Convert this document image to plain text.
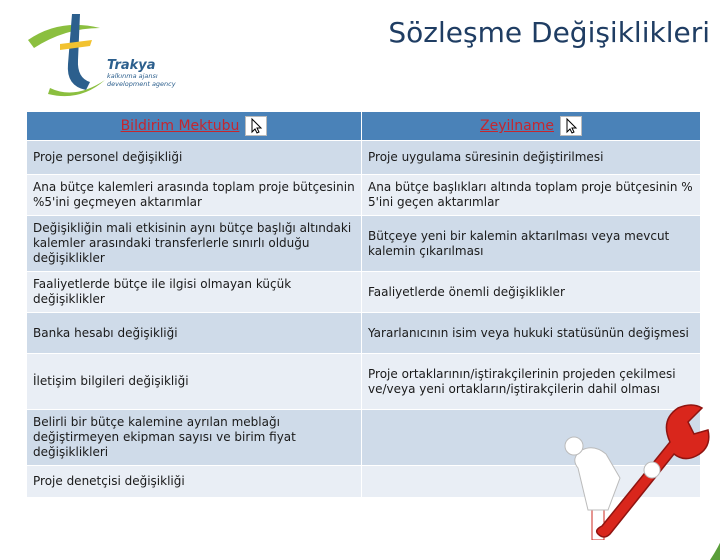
Trakya
kalkınma ajansı development agency
Sözleşme Değişiklikleri
Bildirim Mektubu	Zeyilname

Proje personel değişikliği	Proje uygulama süresinin değiştirilmesi
Ana bütçe kalemleri arasında toplam proje bütçesinin %5'ini geçmeyen aktarımlar	Ana bütçe başlıkları altında toplam proje bütçesinin % 5'ini geçen aktarımlar
Değişikliğin mali etkisinin aynı bütçe başlığı altındaki kalemler arasındaki transferlerle sınırlı olduğu değişiklikler	Bütçeye yeni bir kalemin aktarılması veya mevcut kalemin çıkarılması
Faaliyetlerde bütçe ile ilgisi olmayan küçük değişiklikler	Faaliyetlerde önemli değişiklikler
Banka hesabı değişikliği	Yararlanıcının isim veya hukuki statüsünün değişmesi
İletişim bilgileri değişikliği	Proje ortaklarının/iştirakçilerinin projeden çekilmesi ve/veya yeni ortakların/iştirakçilerin dahil olması
Belirli bir bütçe kalemine ayrılan meblağı değiştirmeyen ekipman sayısı ve birim fiyat değişiklikleri	
Proje denetçisi değişikliği	
